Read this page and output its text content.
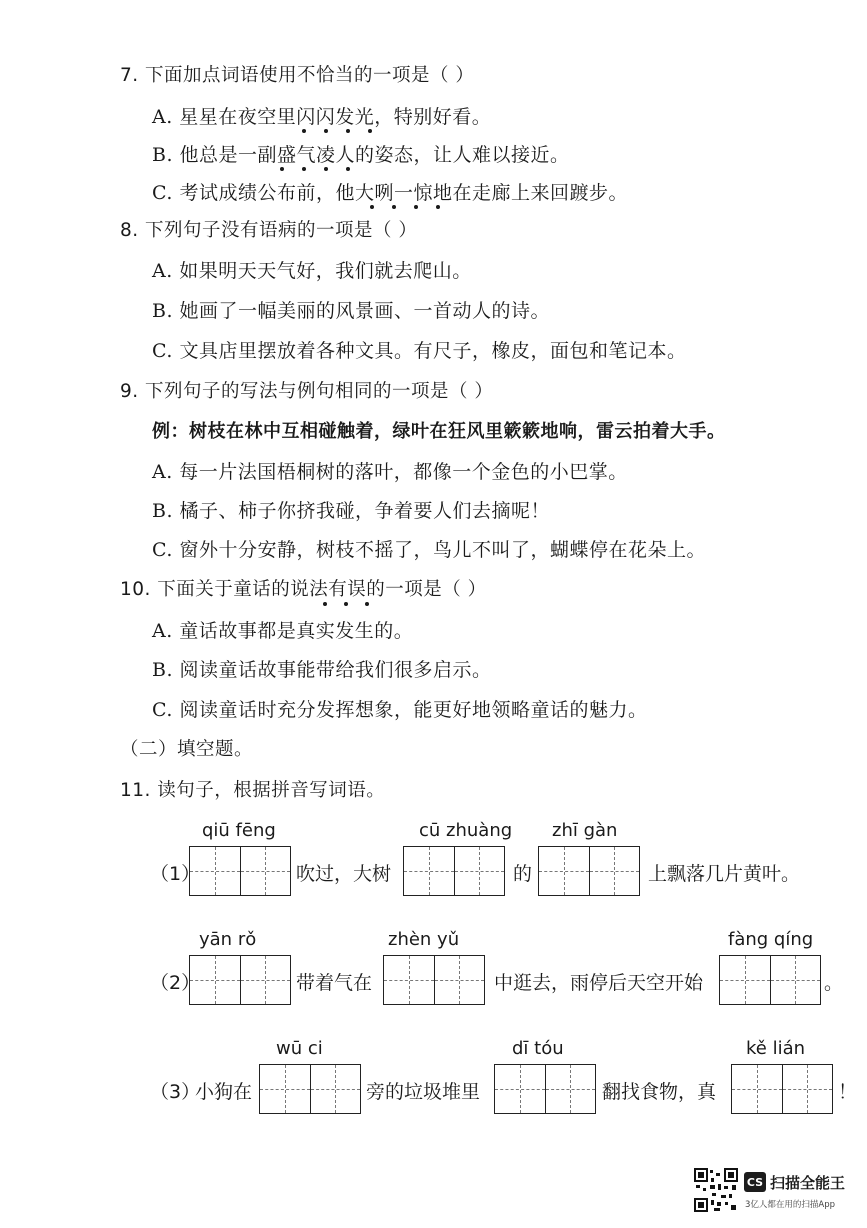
7. 下面加点词语使用不恰当的一项是（ ）
A. 星星在夜空里闪闪发光，特别好看。
B. 他总是一副盛气凌人的姿态，让人难以接近。
C. 考试成绩公布前，他大咧一惊地在走廊上来回踱步。
8. 下列句子没有语病的一项是（ ）
A. 如果明天天气好，我们就去爬山。
B. 她画了一幅美丽的风景画、一首动人的诗。
C. 文具店里摆放着各种文具。有尺子，橡皮，面包和笔记本。
9. 下列句子的写法与例句相同的一项是（ ）
例：树枝在林中互相碰触着，绿叶在狂风里簌簌地响，雷云拍着大手。
A. 每一片法国梧桐树的落叶，都像一个金色的小巴掌。
B. 橘子、柿子你挤我碰，争着要人们去摘呢！
C. 窗外十分安静，树枝不摇了，鸟儿不叫了，蝴蝶停在花朵上。
10. 下面关于童话的说法有误的一项是（ ）
A. 童话故事都是真实发生的。
B. 阅读童话故事能带给我们很多启示。
C. 阅读童话时充分发挥想象，能更好地领略童话的魅力。
（二）填空题。
11. 读句子，根据拼音写词语。
qiū fēng	cū zhuàng zhī gàn
（1）	吹过，大树	的	上飘落几片黄叶。
yān rǒ	zhèn yǔ	fàng qíng
（2）	带着气在	中逛去，雨停后天空开始	。
wū ci	dī tóu	kě lián
（3）
小狗在	旁的垃圾堆里	翻找食物，真	！
CS 扫描全能王
3亿人都在用的扫描App
